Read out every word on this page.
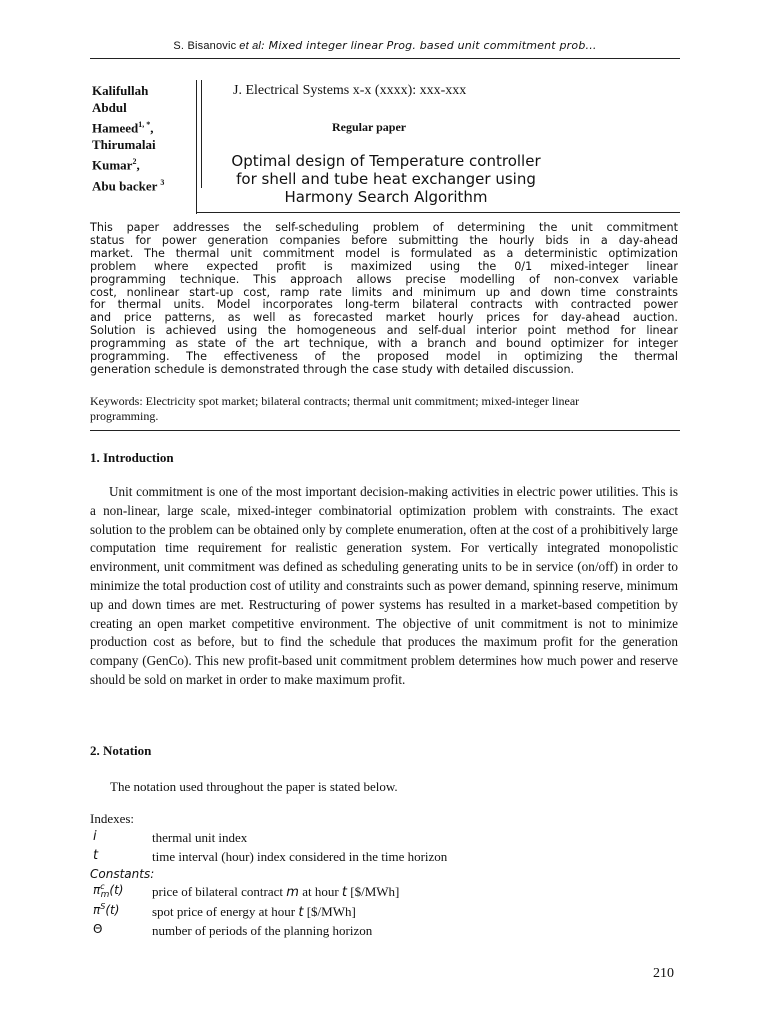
S. Bisanovic et al: Mixed integer linear Prog. based unit commitment prob...
Kalifullah
Abdul
Hameed$^{1, *}$,
Thirumalai
Kumar$^2$,
Abu backer $^3$
J. Electrical Systems x-x (xxxx): xxx-xxx
Regular paper
Optimal design of Temperature controller
for shell and tube heat exchanger using
Harmony Search Algorithm
This paper addresses the self-scheduling problem of determining the unit commitment
status for power generation companies before submitting the hourly bids in a day-ahead
market. The thermal unit commitment model is formulated as a deterministic optimization
problem where expected profit is maximized using the 0/1 mixed-integer linear
programming technique. This approach allows precise modelling of non-convex variable
cost, nonlinear start-up cost, ramp rate limits and minimum up and down time constraints
for thermal units. Model incorporates long-term bilateral contracts with contracted power
and price patterns, as well as forecasted market hourly prices for day-ahead auction.
Solution is achieved using the homogeneous and self-dual interior point method for linear
programming as state of the art technique, with a branch and bound optimizer for integer
programming. The effectiveness of the proposed model in optimizing the thermal
generation schedule is demonstrated through the case study with detailed discussion.
Keywords: Electricity spot market; bilateral contracts; thermal unit commitment; mixed-integer linear
programming.
1. Introduction

Unit commitment is one of the most important decision-making activities in electric power utilities. This is a non-linear, large scale, mixed-integer combinatorial optimization problem with constraints. The exact solution to the problem can be obtained only by complete enumeration, often at the cost of a prohibitively large computation time requirement for realistic generation system. For vertically integrated monopolistic environment, unit commitment was defined as scheduling generating units to be in service (on/off) in order to minimize the total production cost of utility and constraints such as power demand, spinning reserve, minimum up and down times are met. Restructuring of power systems has resulted in a market-based competition by creating an open market competitive environment. The objective of unit commitment is not to minimize production cost as before, but to find the schedule that produces the maximum profit for the generation company (GenCo). This new profit-based unit commitment problem determines how much power and reserve should be sold on market in order to make maximum profit.

2. Notation
The notation used throughout the paper is stated below.
Indexes:
i	thermal unit index
t	time interval (hour) index considered in the time horizon
Constants:
$\pi^c_m(t)$ price of bilateral contract m at hour t [$/MWh]
$\pi^S(t)$	spot price of energy at hour t [$/MWh]
Θ	number of periods of the planning horizon
210
